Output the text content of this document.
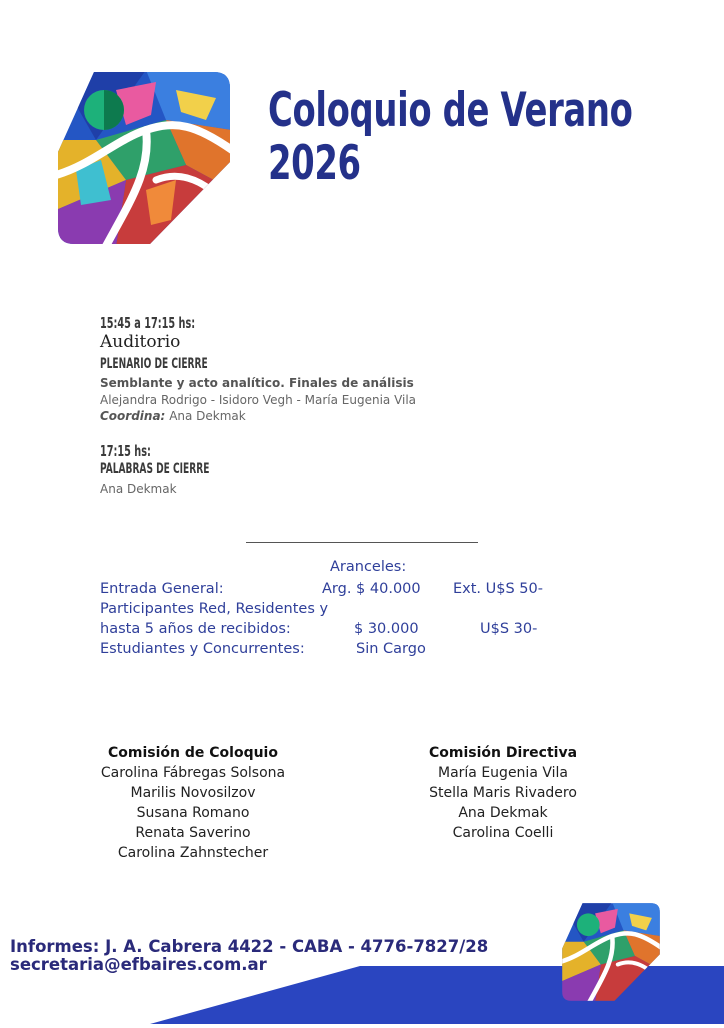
Coloquio de Verano
2026
15:45 a 17:15 hs:
Auditorio
PLENARIO DE CIERRE
Semblante y acto analítico. Finales de análisis
Alejandra Rodrigo - Isidoro Vegh - María Eugenia Vila
Coordina: Ana Dekmak
17:15 hs:
PALABRAS DE CIERRE
Ana Dekmak
Aranceles:
Entrada General:	Arg. $ 40.000 Ext. U$S 50-
Participantes Red, Residentes y
hasta 5 años de recibidos:	$ 30.000	U$S 30-
Estudiantes y Concurrentes:	Sin Cargo
Comisión de Coloquio
Carolina Fábregas Solsona
Marilis Novosilzov
Susana Romano
Renata Saverino
Carolina Zahnstecher
Comisión Directiva
María Eugenia Vila
Stella Maris Rivadero
Ana Dekmak
Carolina Coelli
Informes: J. A. Cabrera 4422 - CABA - 4776-7827/28
secretaria@efbaires.com.ar
